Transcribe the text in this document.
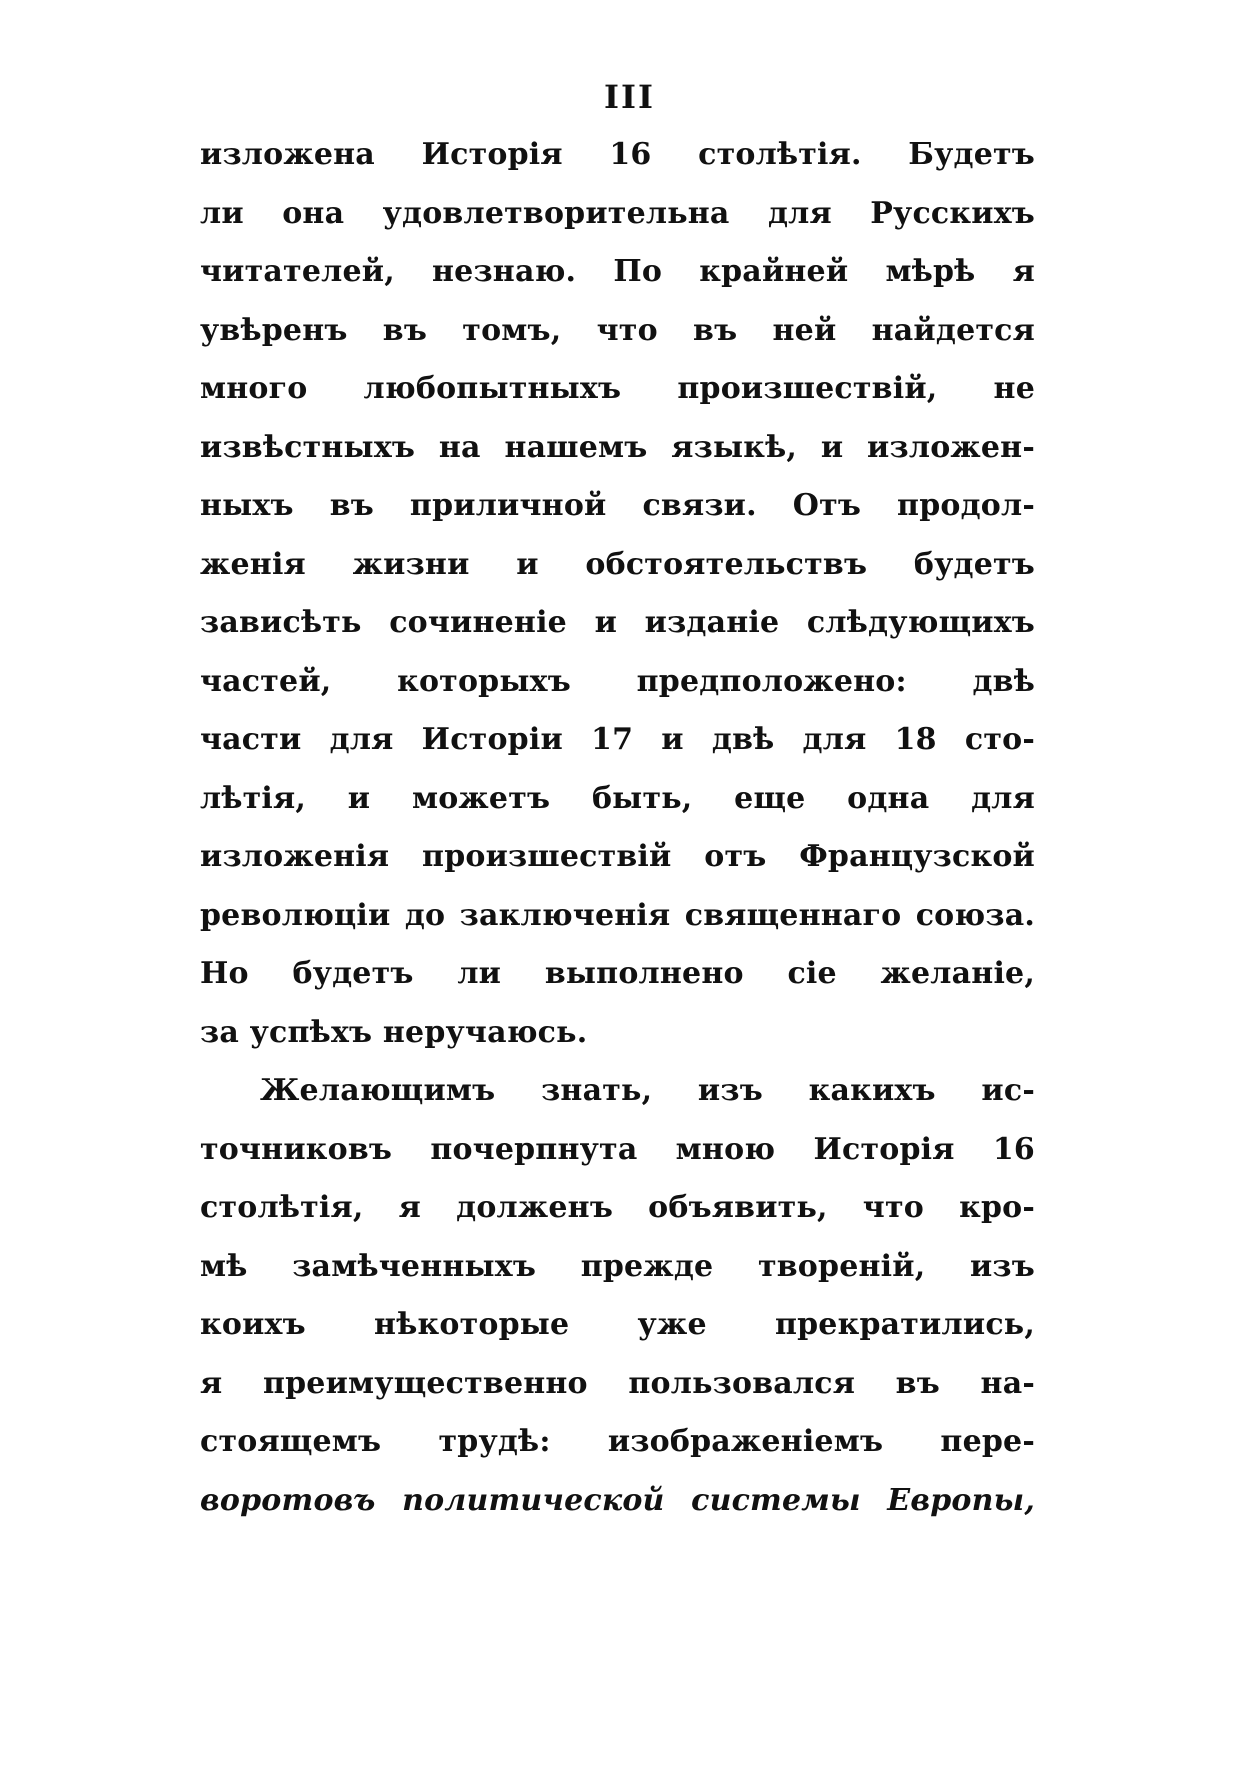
III
изложена Исторія 16 столѣтія. Будетъ
ли она удовлетворительна для Русскихъ
читателей, незнаю. По крайней мѣрѣ я
увѣренъ въ томъ, что въ ней найдется
много любопытныхъ произшествій, не
извѣстныхъ на нашемъ языкѣ, и изложен-
ныхъ въ приличной связи. Отъ продол-
женія жизни и обстоятельствъ будетъ
зависѣть сочиненіе и изданіе слѣдующихъ
частей, которыхъ предположено: двѣ
части для Исторіи 17 и двѣ для 18 сто-
лѣтія, и можетъ быть, еще одна для
изложенія произшествій отъ Французской
революціи до заключенія священнаго союза.
Но будетъ ли выполнено сіе желаніе,
за успѣхъ неручаюсь.
Желающимъ знать, изъ какихъ ис-
точниковъ почерпнута мною Исторія 16
столѣтія, я долженъ объявить, что кро-
мѣ замѣченныхъ прежде твореній, изъ
коихъ нѣкоторые уже прекратились,
я преимущественно пользовался въ на-
стоящемъ трудѣ: изображеніемъ пере-
воротовъ политической системы Европы,
